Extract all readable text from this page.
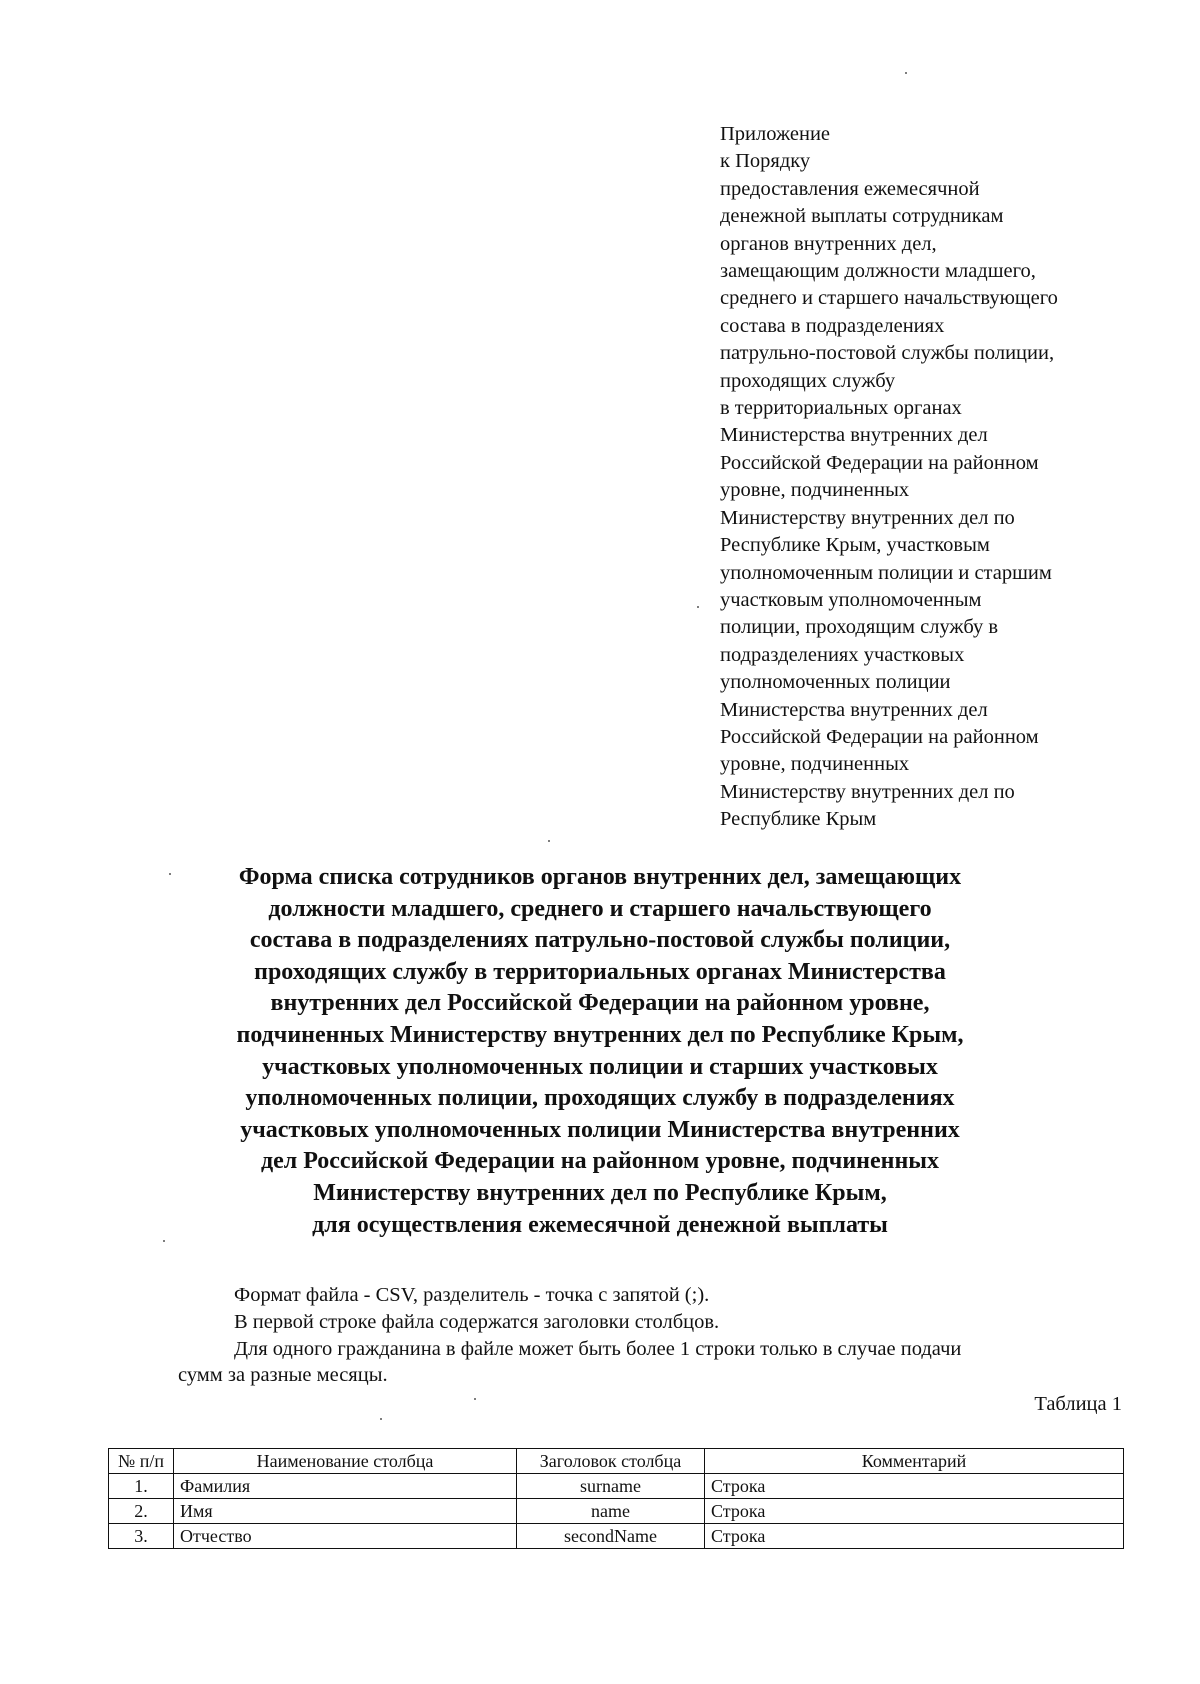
Приложение
к Порядку
предоставления ежемесячной
денежной выплаты сотрудникам
органов внутренних дел,
замещающим должности младшего,
среднего и старшего начальствующего
состава в подразделениях
патрульно-постовой службы полиции,
проходящих службу
в территориальных органах
Министерства внутренних дел
Российской Федерации на районном
уровне, подчиненных
Министерству внутренних дел по
Республике Крым, участковым
уполномоченным полиции и старшим
участковым уполномоченным
полиции, проходящим службу в
подразделениях участковых
уполномоченных полиции
Министерства внутренних дел
Российской Федерации на районном
уровне, подчиненных
Министерству внутренних дел по
Республике Крым
Форма списка сотрудников органов внутренних дел, замещающих
должности младшего, среднего и старшего начальствующего
состава в подразделениях патрульно-постовой службы полиции,
проходящих службу в территориальных органах Министерства
внутренних дел Российской Федерации на районном уровне,
подчиненных Министерству внутренних дел по Республике Крым,
участковых уполномоченных полиции и старших участковых
уполномоченных полиции, проходящих службу в подразделениях
участковых уполномоченных полиции Министерства внутренних
дел Российской Федерации на районном уровне, подчиненных
Министерству внутренних дел по Республике Крым,
для осуществления ежемесячной денежной выплаты
Формат файла - CSV, разделитель - точка с запятой (;).
В первой строке файла содержатся заголовки столбцов.
Для одного гражданина в файле может быть более 1 строки только в случае подачи
сумм за разные месяцы.
Таблица 1
№ п/п	Наименование столбца	Заголовок столбца	Комментарий
1.	Фамилия	surname	Строка
2.	Имя	name	Строка
3.	Отчество	secondName	Строка
